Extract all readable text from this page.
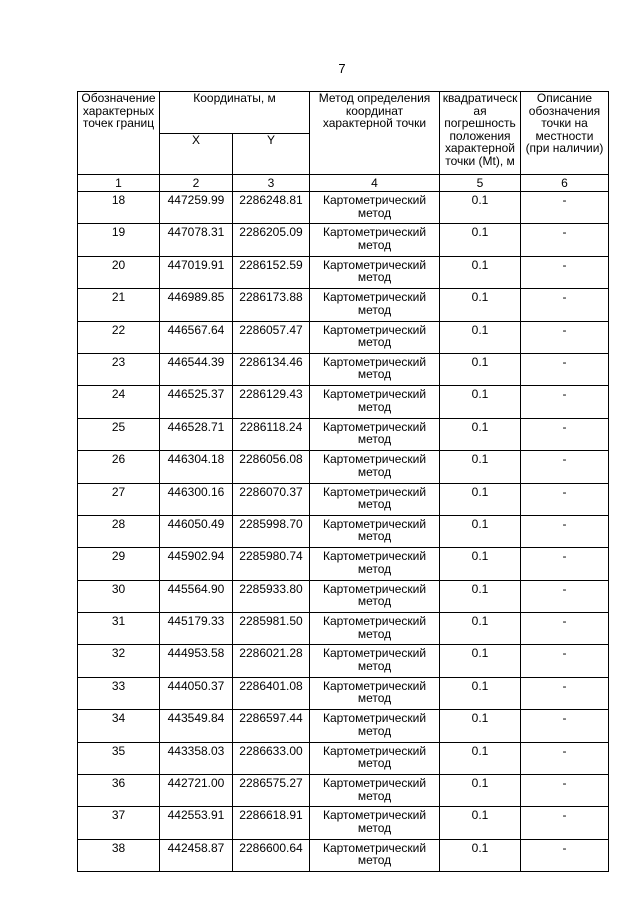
7
Обозначение характерных точек границ	Координаты, м		Метод определения координат характерной точки	квадратическ ая погрешность положения характерной точки (Mt), м	Описание обозначения точки на местности (при наличии)
	X	Y			
1	2	3	4	5	6
18	447259.99	2286248.81	Картометрический метод	0.1	-
19	447078.31	2286205.09	Картометрический метод	0.1	-
20	447019.91	2286152.59	Картометрический метод	0.1	-
21	446989.85	2286173.88	Картометрический метод	0.1	-
22	446567.64	2286057.47	Картометрический метод	0.1	-
23	446544.39	2286134.46	Картометрический метод	0.1	-
24	446525.37	2286129.43	Картометрический метод	0.1	-
25	446528.71	2286118.24	Картометрический метод	0.1	-
26	446304.18	2286056.08	Картометрический метод	0.1	-
27	446300.16	2286070.37	Картометрический метод	0.1	-
28	446050.49	2285998.70	Картометрический метод	0.1	-
29	445902.94	2285980.74	Картометрический метод	0.1	-
30	445564.90	2285933.80	Картометрический метод	0.1	-
31	445179.33	2285981.50	Картометрический метод	0.1	-
32	444953.58	2286021.28	Картометрический метод	0.1	-
33	444050.37	2286401.08	Картометрический метод	0.1	-
34	443549.84	2286597.44	Картометрический метод	0.1	-
35	443358.03	2286633.00	Картометрический метод	0.1	-
36	442721.00	2286575.27	Картометрический метод	0.1	-
37	442553.91	2286618.91	Картометрический метод	0.1	-
38	442458.87	2286600.64	Картометрический метод	0.1	-
